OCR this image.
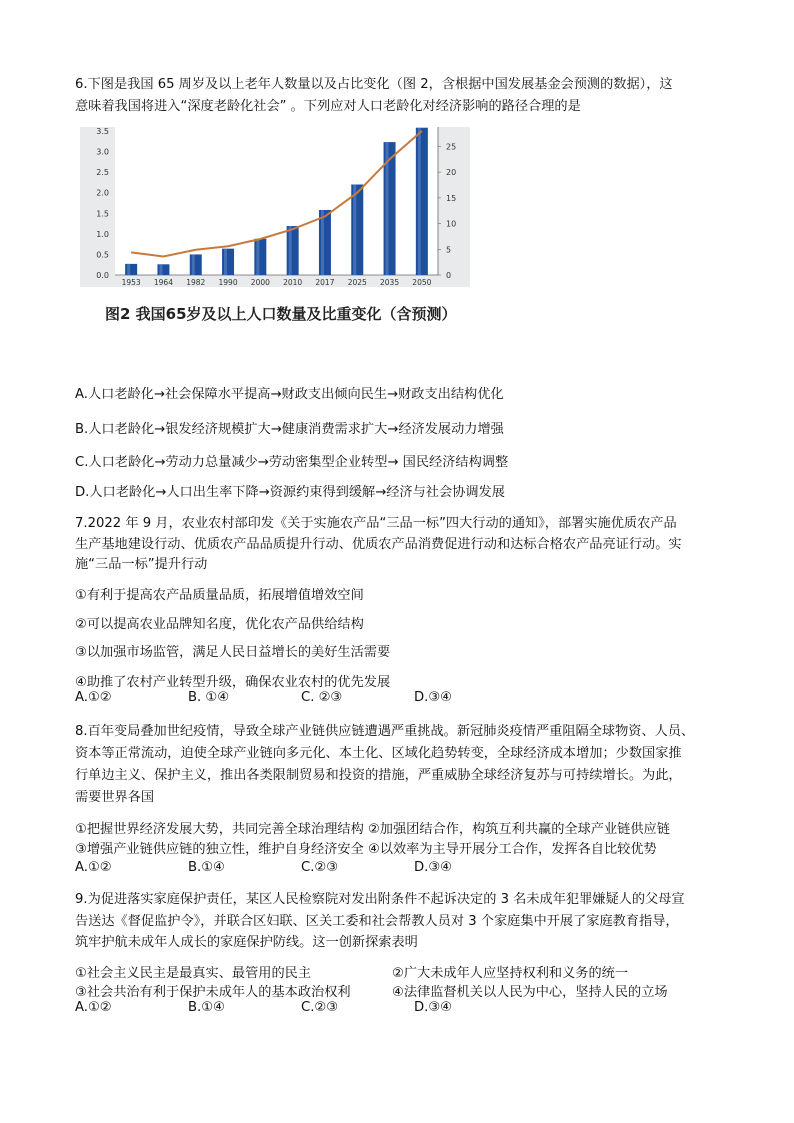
6.下图是我国 65 周岁及以上老年人数量以及占比变化（图 2，含根据中国发展基金会预测的数据），这
意味着我国将进入“深度老龄化社会” 。下列应对人口老龄化对经济影响的路径合理的是
0.0
0.5
1.0
1.5
2.0
2.5
3.0
3.5
0
5
10
15
20
25
1953 1964 1982 1990 2000 2010 2017 2025 2035 2050
图2 我国65岁及以上人口数量及比重变化（含预测）
A.人口老龄化→社会保障水平提高→财政支出倾向民生→财政支出结构优化
B.人口老龄化→银发经济规模扩大→健康消费需求扩大→经济发展动力增强
C.人口老龄化→劳动力总量减少→劳动密集型企业转型→ 国民经济结构调整
D.人口老龄化→人口出生率下降→资源约束得到缓解→经济与社会协调发展
7.2022 年 9 月，农业农村部印发《关于实施农产品“三品一标”四大行动的通知》，部署实施优质农产品
生产基地建设行动、优质农产品品质提升行动、优质农产品消费促进行动和达标合格农产品亮证行动。实
施“三品一标”提升行动
①有利于提高农产品质量品质，拓展增值增效空间
②可以提高农业品牌知名度，优化农产品供给结构
③以加强市场监管，满足人民日益增长的美好生活需要
④助推了农村产业转型升级，确保农业农村的优先发展
A.①②	B. ①④	C. ②③	D.③④
8.百年变局叠加世纪疫情，导致全球产业链供应链遭遇严重挑战。新冠肺炎疫情严重阻隔全球物资、人员、
资本等正常流动，迫使全球产业链向多元化、本土化、区域化趋势转变，全球经济成本增加；少数国家推
行单边主义、保护主义，推出各类限制贸易和投资的措施，严重威胁全球经济复苏与可持续增长。为此，
需要世界各国
①把握世界经济发展大势，共同完善全球治理结构 ②加强团结合作，构筑互利共赢的全球产业链供应链
③增强产业链供应链的独立性，维护自身经济安全 ④以效率为主导开展分工合作，发挥各自比较优势
A.①②	B.①④	C.②③	D.③④
9.为促进落实家庭保护责任，某区人民检察院对发出附条件不起诉决定的 3 名未成年犯罪嫌疑人的父母宣
告送达《督促监护令》，并联合区妇联、区关工委和社会帮教人员对 3 个家庭集中开展了家庭教育指导，
筑牢护航未成年人成长的家庭保护防线。这一创新探索表明
①社会主义民主是最真实、最管用的民主	②广大未成年人应坚持权利和义务的统一
③社会共治有利于保护未成年人的基本政治权利	④法律监督机关以人民为中心，坚持人民的立场
A.①②	B.①④	C.②③	D.③④
